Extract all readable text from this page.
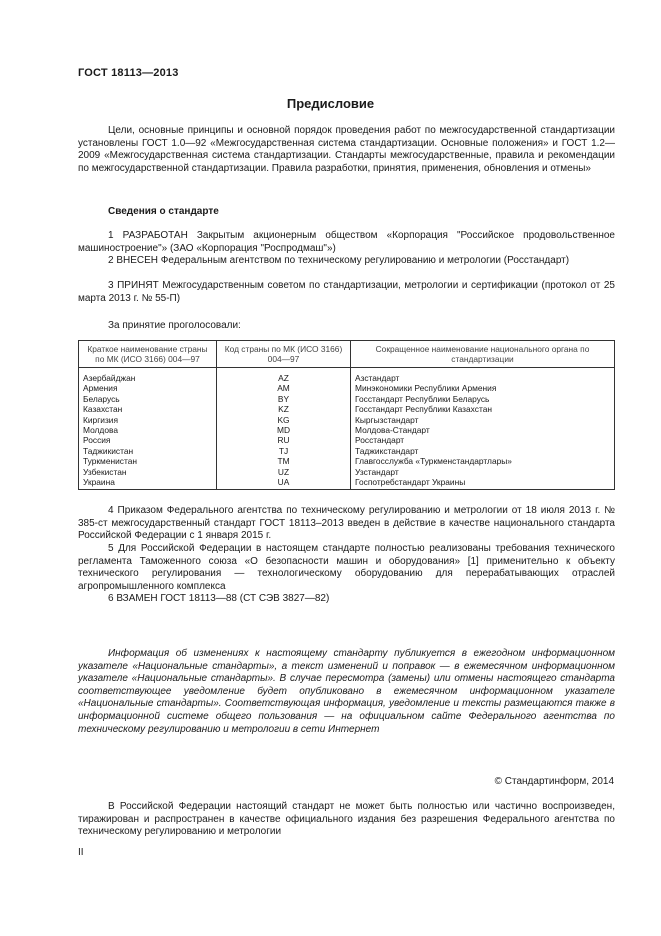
ГОСТ 18113—2013
Предисловие
Цели, основные принципы и основной порядок проведения работ по межгосударственной стандартизации установлены ГОСТ 1.0—92 «Межгосударственная система стандартизации. Основные положения» и ГОСТ 1.2—2009 «Межгосударственная система стандартизации. Стандарты межгосударственные, правила и рекомендации по межгосударственной стандартизации. Правила разработки, принятия, применения, обновления и отмены»
Сведения о стандарте
1 РАЗРАБОТАН Закрытым акционерным обществом «Корпорация "Российское продовольственное машиностроение"» (ЗАО «Корпорация "Роспродмаш"»)
2 ВНЕСЕН Федеральным агентством по техническому регулированию и метрологии (Росстандарт)
3 ПРИНЯТ Межгосударственным советом по стандартизации, метрологии и сертификации (протокол от 25 марта 2013 г. № 55-П)
За принятие проголосовали:
Краткое наименование страны по МК (ИСО 3166) 004—97	Код страны по МК (ИСО 3166) 004—97	Сокращенное наименование национального органа по стандартизации
Азербайджан	AZ	Азстандарт
Армения	AM	Минэкономики Республики Армения
Беларусь	BY	Госстандарт Республики Беларусь
Казахстан	KZ	Госстандарт Республики Казахстан
Киргизия	KG	Кыргызстандарт
Молдова	MD	Молдова-Стандарт
Россия	RU	Росстандарт
Таджикистан	TJ	Таджикстандарт
Туркменистан	TM	Главгосслужба «Туркменстандартлары»
Узбекистан	UZ	Узстандарт
Украина	UA	Госпотребстандарт Украины
4 Приказом Федерального агентства по техническому регулированию и метрологии от 18 июля 2013 г. № 385-ст межгосударственный стандарт ГОСТ 18113–2013 введен в действие в качестве национального стандарта Российской Федерации с 1 января 2015 г.
5 Для Российской Федерации в настоящем стандарте полностью реализованы требования технического регламента Таможенного союза «О безопасности машин и оборудования» [1] применительно к объекту технического регулирования — технологическому оборудованию для перерабатывающих отраслей агропромышленного комплекса
6 ВЗАМЕН ГОСТ 18113—88 (СТ СЭВ 3827—82)
Информация об изменениях к настоящему стандарту публикуется в ежегодном информационном указателе «Национальные стандарты», а текст изменений и поправок — в ежемесячном информационном указателе «Национальные стандарты». В случае пересмотра (замены) или отмены настоящего стандарта соответствующее уведомление будет опубликовано в ежемесячном информационном указателе «Национальные стандарты». Соответствующая информация, уведомление и тексты размещаются также в информационной системе общего пользования — на официальном сайте Федерального агентства по техническому регулированию и метрологии в сети Интернет
© Стандартинформ, 2014
В Российской Федерации настоящий стандарт не может быть полностью или частично воспроизведен, тиражирован и распространен в качестве официального издания без разрешения Федерального агентства по техническому регулированию и метрологии
II
